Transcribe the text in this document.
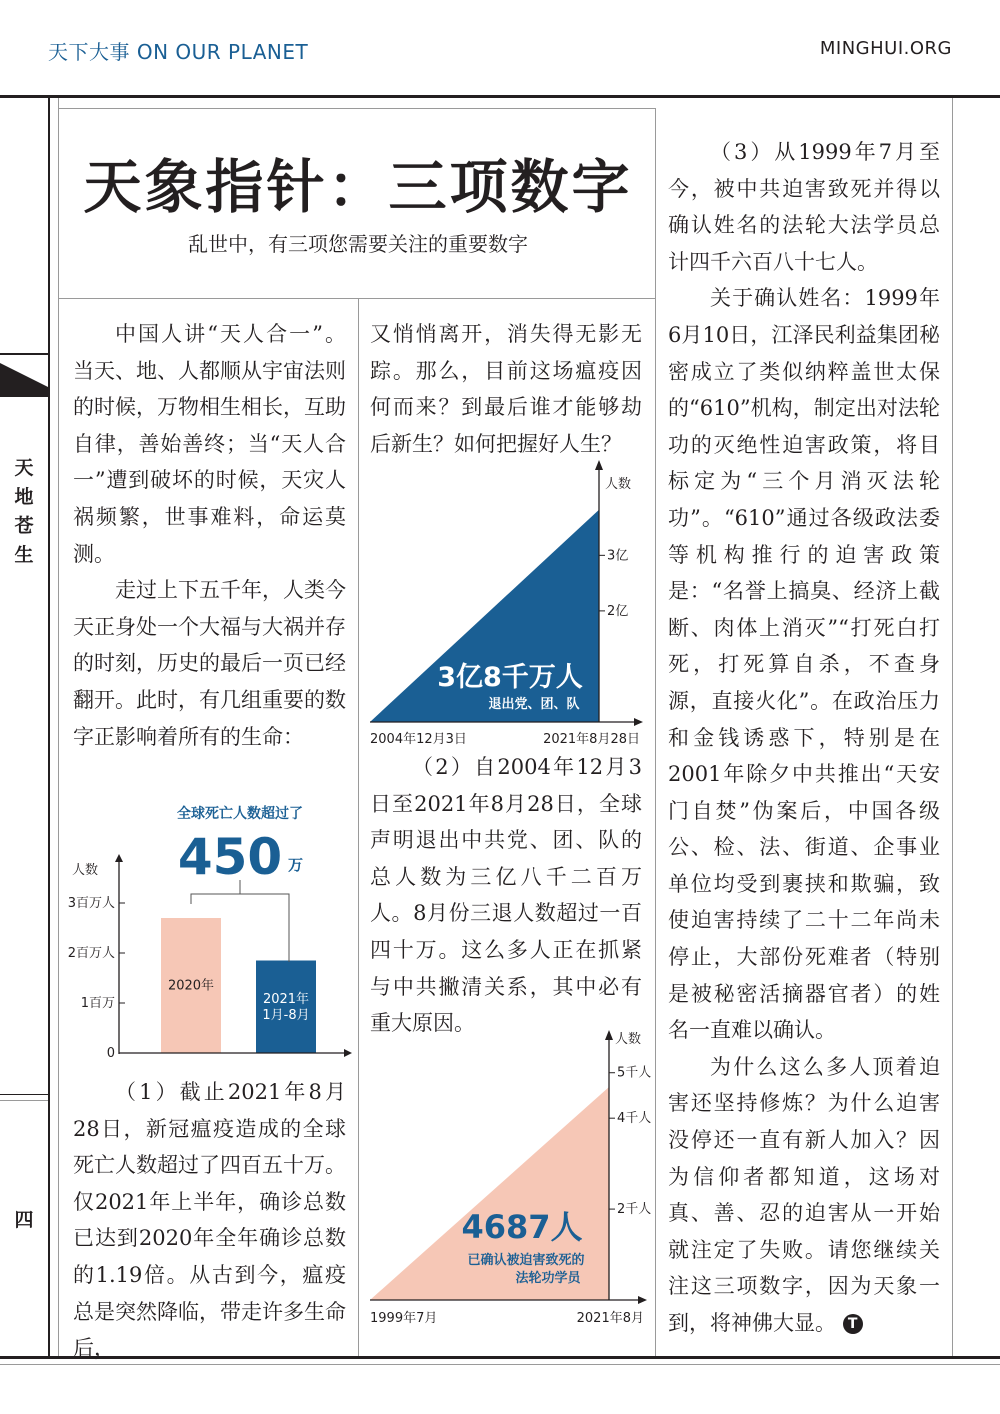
天下大事 ON OUR PLANET	MINGHUI.ORG
天
地
苍
生
四
天象指针：三项数字
乱世中，有三项您需要关注的重要数字

中国人讲“天人合一”。当天、地、人都顺从宇宙法则的时候，万物相生相长，互助自律，善始善终；当“天人合一”遭到破坏的时候，天灾人祸频繁，世事难料，命运莫测。

走过上下五千年，人类今天正身处一个大福与大祸并存的时刻，历史的最后一页已经翻开。此时，有几组重要的数字正影响着所有的生命：

（1）截止2021年8月28日，新冠瘟疫造成的全球死亡人数超过了四百五十万。仅2021年上半年，确诊总数已达到2020年全年确诊总数的1.19倍。从古到今，瘟疫总是突然降临，带走许多生命后，

全球死亡人数超过了
450 万
人数
0
1百万
2百万人
3百万人
2020年
2021年 1月-8月

又悄悄离开，消失得无影无踪。那么，目前这场瘟疫因何而来？到最后谁才能够劫后新生？如何把握好人生？

人数
2亿
3亿
3亿8千万人
退出党、团、队
2004年12月3日	2021年8月28日

（2）自2004年12月3日至2021年8月28日，全球声明退出中共党、团、队的总人数为三亿八千二百万人。8月份三退人数超过一百四十万。这么多人正在抓紧与中共撇清关系，其中必有重大原因。

人数
2千人
4千人
5千人
4687人
已确认被迫害致死的法轮功学员
1999年7月	2021年8月

（3）从1999年7月至今，被中共迫害致死并得以确认姓名的法轮大法学员总计四千六百八十七人。

关于确认姓名：1999年6月10日，江泽民利益集团秘密成立了类似纳粹盖世太保的“610”机构，制定出对法轮功的灭绝性迫害政策，将目标定为“三个月消灭法轮功”。“610”通过各级政法委等机构推行的迫害政策是：“名誉上搞臭、经济上截断、肉体上消灭”“打死白打死，打死算自杀，不查身源，直接火化”。在政治压力和金钱诱惑下，特别是在2001年除夕中共推出“天安门自焚”伪案后，中国各级公、检、法、街道、企事业单位均受到裹挟和欺骗，致使迫害持续了二十二年尚未停止，大部份死难者（特别是被秘密活摘器官者）的姓名一直难以确认。

为什么这么多人顶着迫害还坚持修炼？为什么迫害没停还一直有新人加入？因为信仰者都知道，这场对真、善、忍的迫害从一开始就注定了失败。请您继续关注这三项数字，因为天象一到，将神佛大显。 T
